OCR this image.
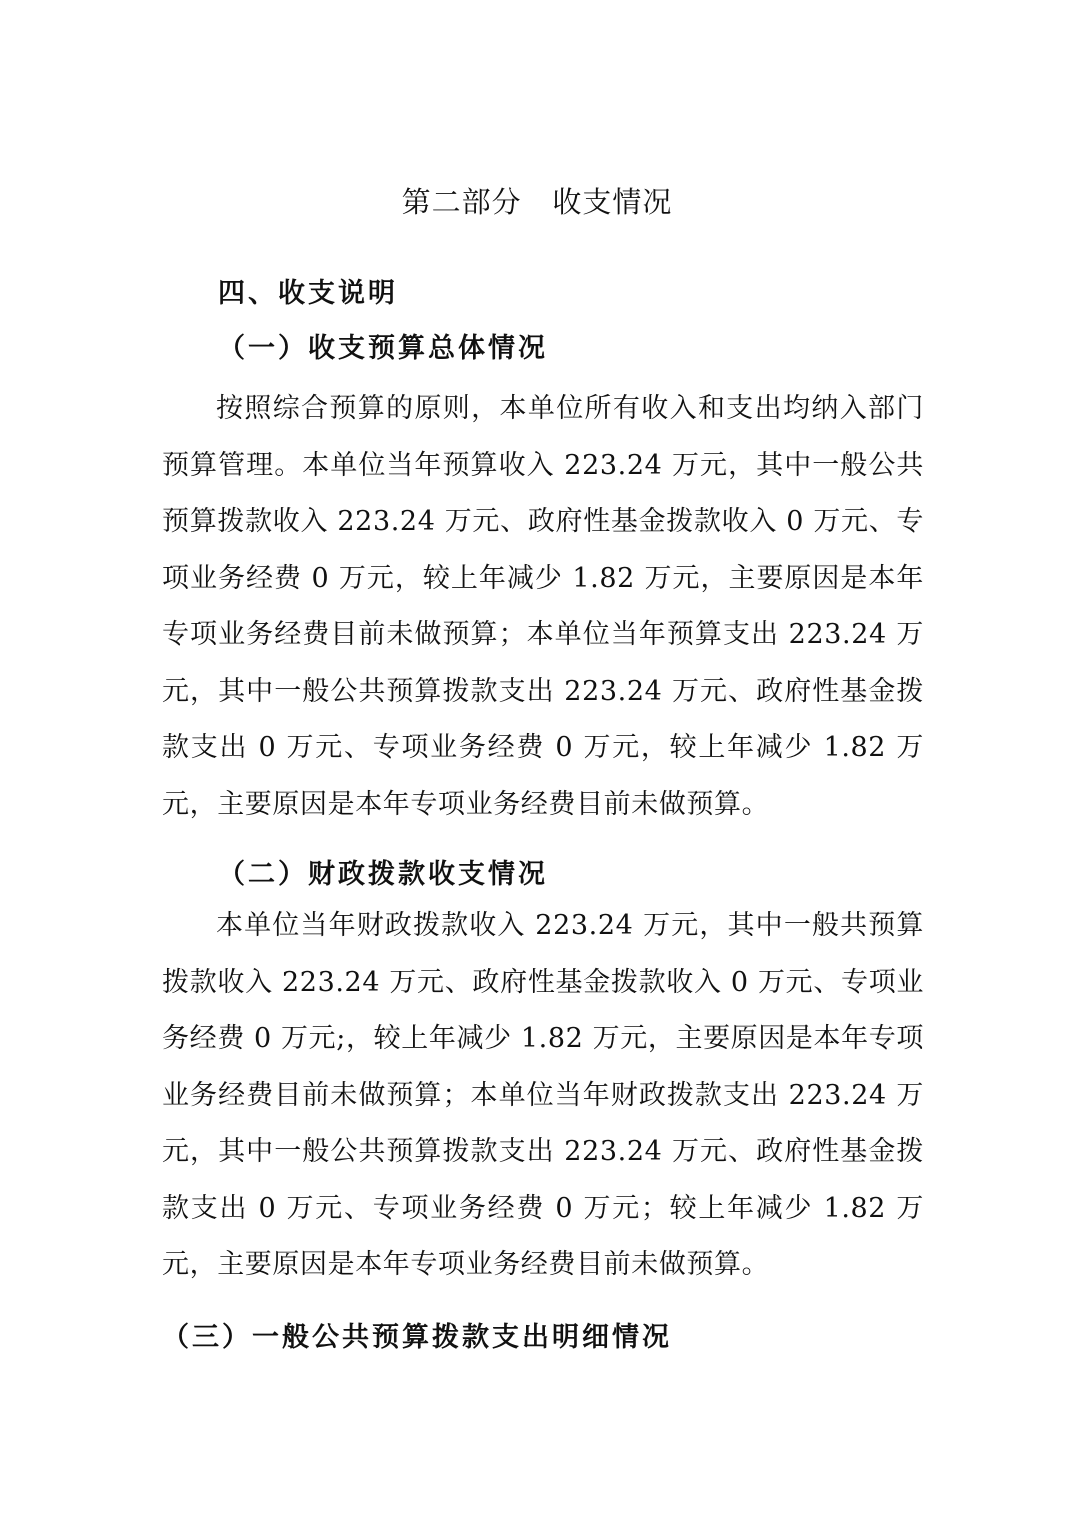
第二部分   收支情况
四、收支说明
（一）收支预算总体情况
按照综合预算的原则，本单位所有收入和支出均纳入部门预算管理。本单位当年预算收入 223.24 万元，其中一般公共预算拨款收入 223.24 万元、政府性基金拨款收入 0 万元、专项业务经费 0 万元，较上年减少 1.82 万元，主要原因是本年专项业务经费目前未做预算；本单位当年预算支出 223.24 万元，其中一般公共预算拨款支出 223.24 万元、政府性基金拨款支出 0 万元、专项业务经费 0 万元，较上年减少 1.82 万元，主要原因是本年专项业务经费目前未做预算。
（二）财政拨款收支情况
本单位当年财政拨款收入 223.24 万元，其中一般共预算拨款收入 223.24 万元、政府性基金拨款收入 0 万元、专项业务经费 0 万元;，较上年减少 1.82 万元，主要原因是本年专项业务经费目前未做预算；本单位当年财政拨款支出 223.24 万元，其中一般公共预算拨款支出 223.24 万元、政府性基金拨款支出 0 万元、专项业务经费 0 万元；较上年减少 1.82 万元，主要原因是本年专项业务经费目前未做预算。
（三）一般公共预算拨款支出明细情况
